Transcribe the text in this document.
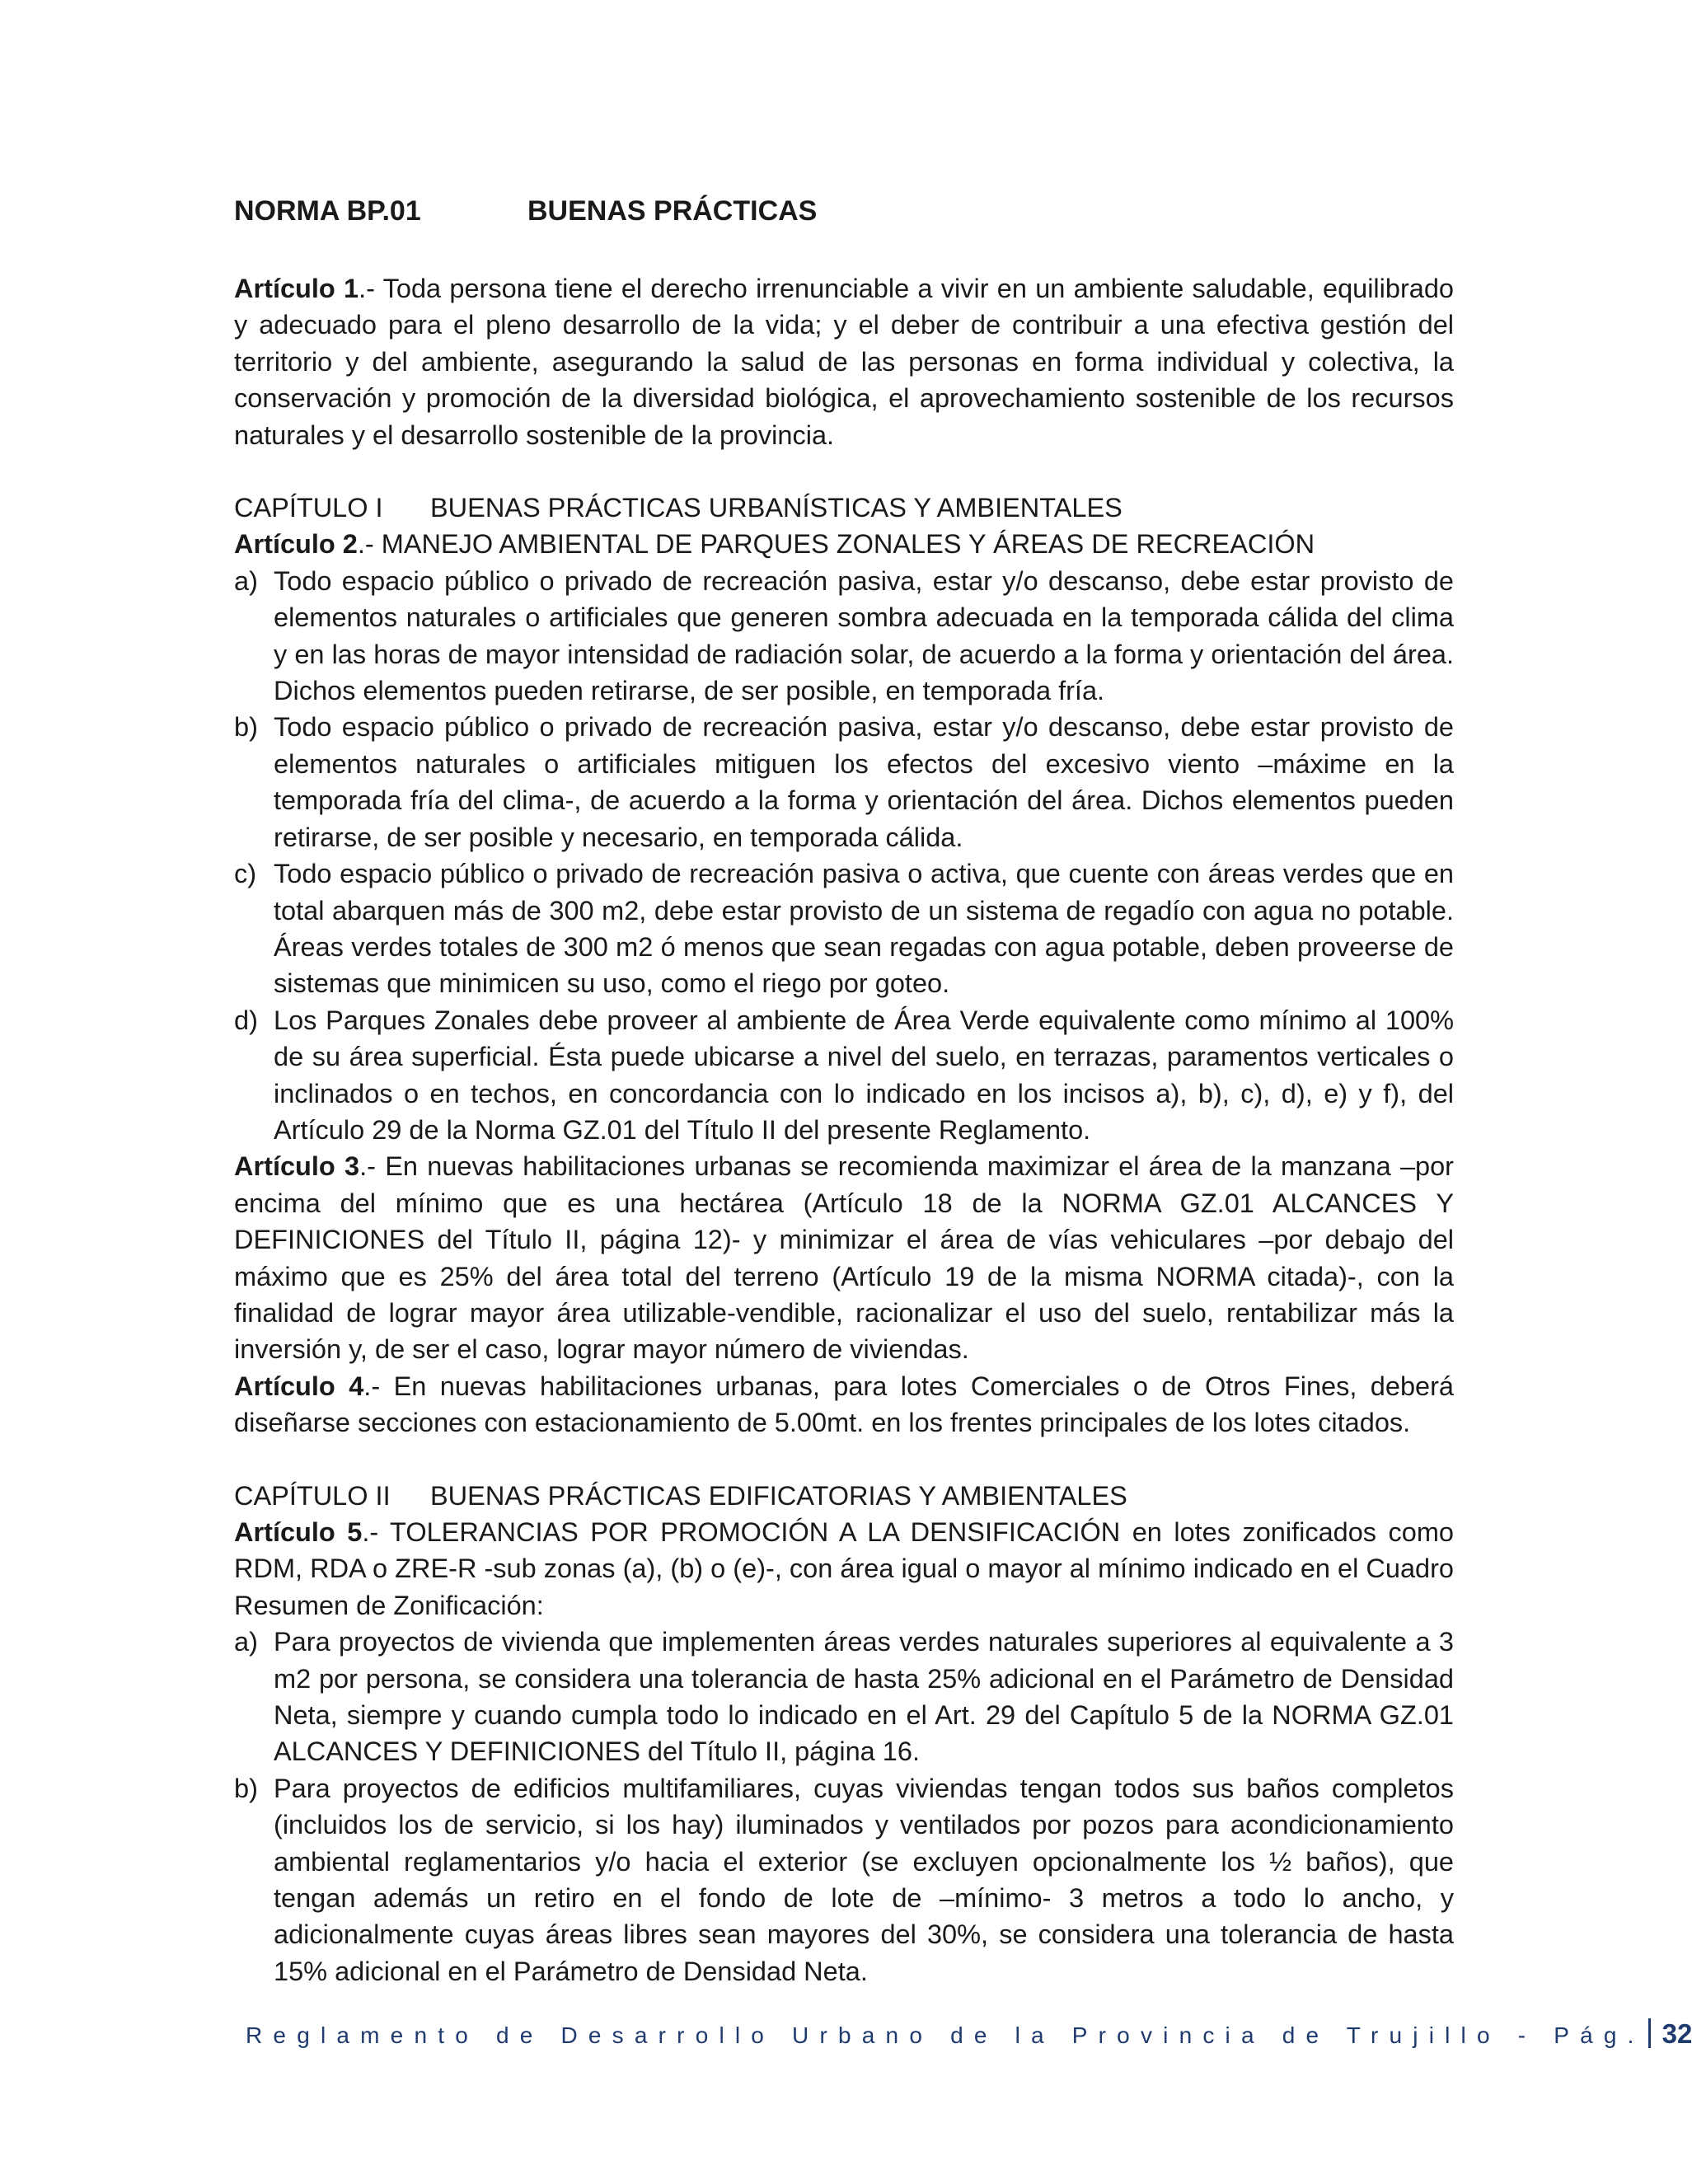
NORMA BP.01	BUENAS PRÁCTICAS

Artículo 1.- Toda persona tiene el derecho irrenunciable a vivir en un ambiente saludable, equilibrado y adecuado para el pleno desarrollo de la vida; y el deber de contribuir a una efectiva gestión del territorio y del ambiente, asegurando la salud de las personas en forma individual y colectiva, la conservación y promoción de la diversidad biológica, el aprovechamiento sostenible de los recursos naturales y el desarrollo sostenible de la provincia.

CAPÍTULO I BUENAS PRÁCTICAS URBANÍSTICAS Y AMBIENTALES

Artículo 2.- MANEJO AMBIENTAL DE PARQUES ZONALES Y ÁREAS DE RECREACIÓN

a) Todo espacio público o privado de recreación pasiva, estar y/o descanso, debe estar provisto de elementos naturales o artificiales que generen sombra adecuada en la temporada cálida del clima y en las horas de mayor intensidad de radiación solar, de acuerdo a la forma y orientación del área. Dichos elementos pueden retirarse, de ser posible, en temporada fría.
b) Todo espacio público o privado de recreación pasiva, estar y/o descanso, debe estar provisto de elementos naturales o artificiales mitiguen los efectos del excesivo viento –máxime en la temporada fría del clima-, de acuerdo a la forma y orientación del área. Dichos elementos pueden retirarse, de ser posible y necesario, en temporada cálida.
c) Todo espacio público o privado de recreación pasiva o activa, que cuente con áreas verdes que en total abarquen más de 300 m2, debe estar provisto de un sistema de regadío con agua no potable. Áreas verdes totales de 300 m2 ó menos que sean regadas con agua potable, deben proveerse de sistemas que minimicen su uso, como el riego por goteo.
d) Los Parques Zonales debe proveer al ambiente de Área Verde equivalente como mínimo al 100% de su área superficial. Ésta puede ubicarse a nivel del suelo, en terrazas, paramentos verticales o inclinados o en techos, en concordancia con lo indicado en los incisos a), b), c), d), e) y f), del Artículo 29 de la Norma GZ.01 del Título II del presente Reglamento.

Artículo 3.- En nuevas habilitaciones urbanas se recomienda maximizar el área de la manzana –por encima del mínimo que es una hectárea (Artículo 18 de la NORMA GZ.01 ALCANCES Y DEFINICIONES del Título II, página 12)- y minimizar el área de vías vehiculares –por debajo del máximo que es 25% del área total del terreno (Artículo 19 de la misma NORMA citada)-, con la finalidad de lograr mayor área utilizable-vendible, racionalizar el uso del suelo, rentabilizar más la inversión y, de ser el caso, lograr mayor número de viviendas.

Artículo 4.- En nuevas habilitaciones urbanas, para lotes Comerciales o de Otros Fines, deberá diseñarse secciones con estacionamiento de 5.00mt. en los frentes principales de los lotes citados.

CAPÍTULO II BUENAS PRÁCTICAS EDIFICATORIAS Y AMBIENTALES

Artículo 5.- TOLERANCIAS POR PROMOCIÓN A LA DENSIFICACIÓN en lotes zonificados como RDM, RDA o ZRE-R -sub zonas (a), (b) o (e)-, con área igual o mayor al mínimo indicado en el Cuadro Resumen de Zonificación:

a) Para proyectos de vivienda que implementen áreas verdes naturales superiores al equivalente a 3 m2 por persona, se considera una tolerancia de hasta 25% adicional en el Parámetro de Densidad Neta, siempre y cuando cumpla todo lo indicado en el Art. 29 del Capítulo 5 de la NORMA GZ.01 ALCANCES Y DEFINICIONES del Título II, página 16.
b) Para proyectos de edificios multifamiliares, cuyas viviendas tengan todos sus baños completos (incluidos los de servicio, si los hay) iluminados y ventilados por pozos para acondicionamiento ambiental reglamentarios y/o hacia el exterior (se excluyen opcionalmente los ½ baños), que tengan además un retiro en el fondo de lote de –mínimo- 3 metros a todo lo ancho, y adicionalmente cuyas áreas libres sean mayores del 30%, se considera una tolerancia de hasta 15% adicional en el Parámetro de Densidad Neta.
Reglamento de Desarrollo Urbano de la Provincia de Trujillo - Pág. 32
